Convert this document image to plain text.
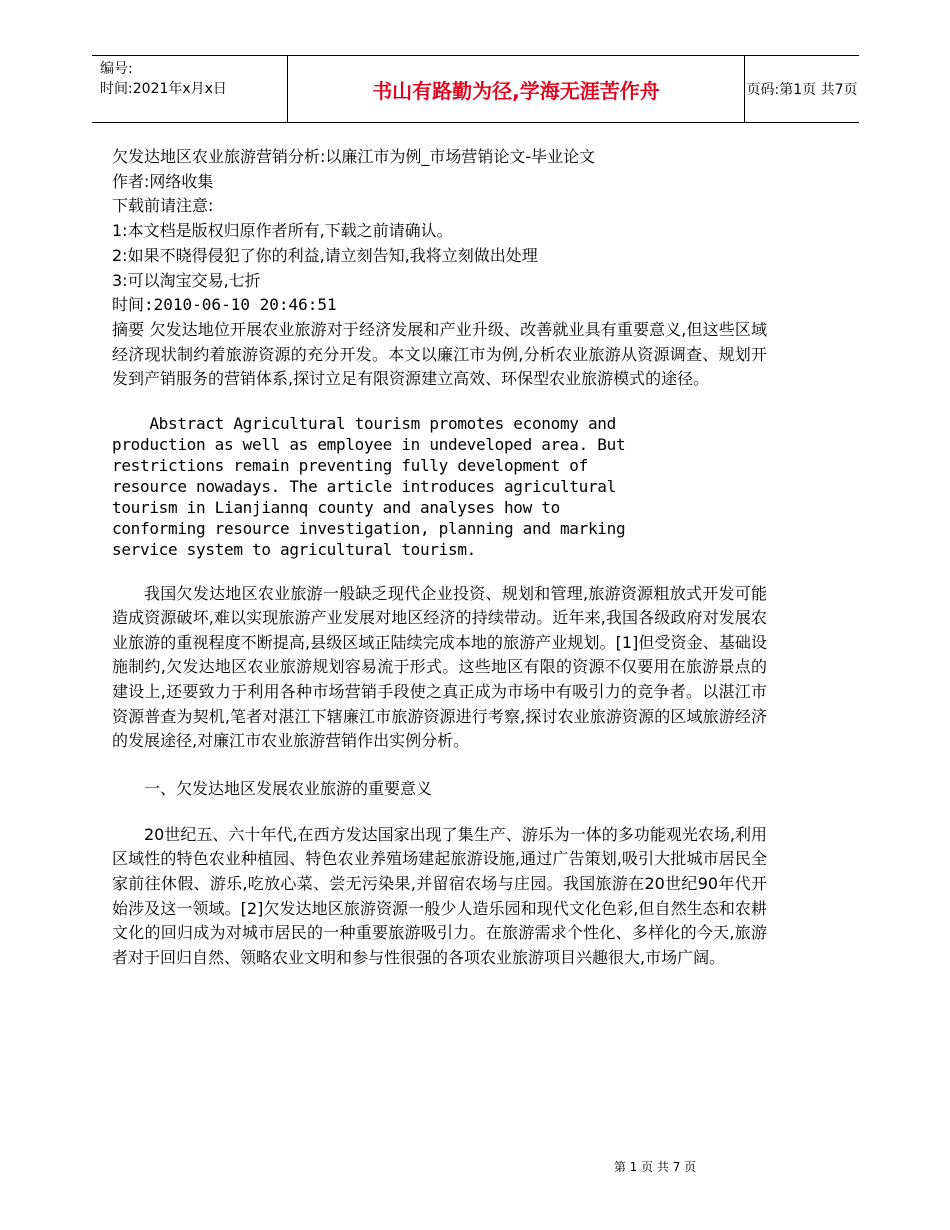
编号:
时间:2021年x月x日	书山有路勤为径,学海无涯苦作舟	页码:第1页 共7页

欠发达地区农业旅游营销分析:以廉江市为例_市场营销论文-毕业论文

作者:网络收集

下载前请注意:

1:本文档是版权归原作者所有,下载之前请确认。

2:如果不晓得侵犯了你的利益,请立刻告知,我将立刻做出处理

3:可以淘宝交易,七折

时间:2010-06-10 20:46:51

摘要 欠发达地位开展农业旅游对于经济发展和产业升级、改善就业具有重要意义,但这些区域经济现状制约着旅游资源的充分开发。本文以廉江市为例,分析农业旅游从资源调查、规划开发到产销服务的营销体系,探讨立足有限资源建立高效、环保型农业旅游模式的途径。

Abstract Agricultural tourism promotes economy and
production as well as employee in undeveloped area. But
restrictions remain preventing fully development of
resource nowadays. The article introduces agricultural
tourism in Lianjiannq county and analyses how to
conforming resource investigation, planning and marking
service system to agricultural tourism.

我国欠发达地区农业旅游一般缺乏现代企业投资、规划和管理,旅游资源粗放式开发可能造成资源破坏,难以实现旅游产业发展对地区经济的持续带动。近年来,我国各级政府对发展农业旅游的重视程度不断提高,县级区域正陆续完成本地的旅游产业规划。[1]但受资金、基础设施制约,欠发达地区农业旅游规划容易流于形式。这些地区有限的资源不仅要用在旅游景点的建设上,还要致力于利用各种市场营销手段使之真正成为市场中有吸引力的竞争者。以湛江市资源普查为契机,笔者对湛江下辖廉江市旅游资源进行考察,探讨农业旅游资源的区域旅游经济的发展途径,对廉江市农业旅游营销作出实例分析。

一、欠发达地区发展农业旅游的重要意义

20世纪五、六十年代,在西方发达国家出现了集生产、游乐为一体的多功能观光农场,利用区域性的特色农业种植园、特色农业养殖场建起旅游设施,通过广告策划,吸引大批城市居民全家前往休假、游乐,吃放心菜、尝无污染果,并留宿农场与庄园。我国旅游在20世纪90年代开始涉及这一领域。[2]欠发达地区旅游资源一般少人造乐园和现代文化色彩,但自然生态和农耕文化的回归成为对城市居民的一种重要旅游吸引力。在旅游需求个性化、多样化的今天,旅游者对于回归自然、领略农业文明和参与性很强的各项农业旅游项目兴趣很大,市场广阔。

第 1 页 共 7 页
